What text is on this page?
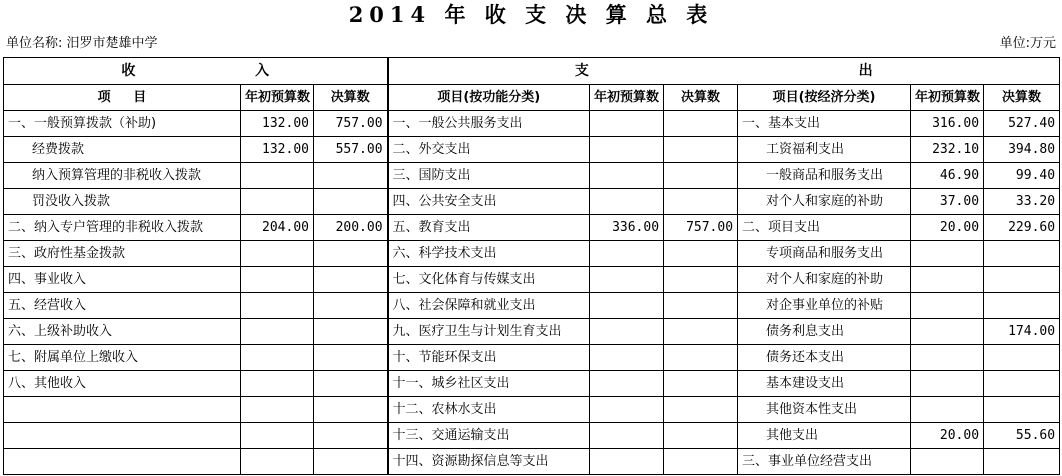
2014 年 收 支 决 算 总 表
单位名称: 汨罗市楚雄中学	单位:万元
收 入			支 出					
项     目	年初预算数	决算数	项目(按功能分类)	年初预算数	决算数	项目(按经济分类)	年初预算数	决算数
一、一般预算拨款（补助)	132.00	757.00	一、一般公共服务支出			一、基本支出	316.00	527.40
经费拨款	132.00	557.00	二、外交支出			工资福利支出	232.10	394.80
纳入预算管理的非税收入拨款			三、国防支出			一般商品和服务支出	46.90	99.40
罚没收入拨款			四、公共安全支出			对个人和家庭的补助	37.00	33.20
二、纳入专户管理的非税收入拨款	204.00	200.00	五、教育支出	336.00	757.00	二、项目支出	20.00	229.60
三、政府性基金拨款			六、科学技术支出			专项商品和服务支出		
四、事业收入			七、文化体育与传媒支出			对个人和家庭的补助		
五、经营收入			八、社会保障和就业支出			对企事业单位的补贴		
六、上级补助收入			九、医疗卫生与计划生育支出			债务利息支出		174.00
七、附属单位上缴收入			十、节能环保支出			债务还本支出		
八、其他收入			十一、城乡社区支出			基本建设支出		
			十二、农林水支出			其他资本性支出		
			十三、交通运输支出			其他支出	20.00	55.60
			十四、资源勘探信息等支出			三、事业单位经营支出		
